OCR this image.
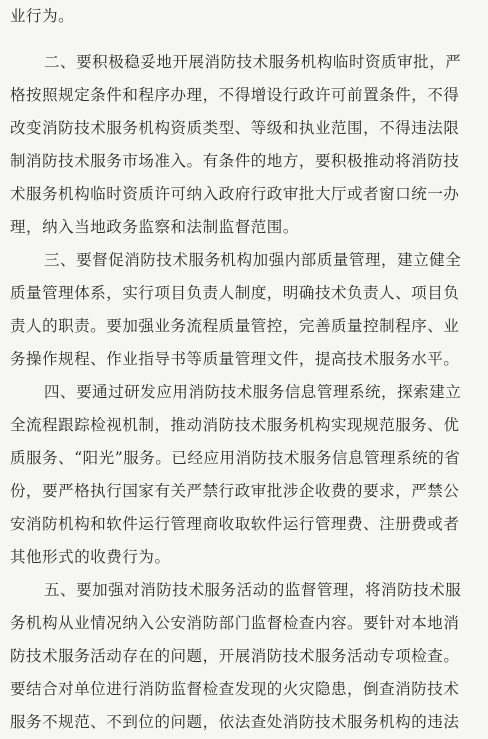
业行为。
二、要积极稳妥地开展消防技术服务机构临时资质审批，严
格按照规定条件和程序办理，不得增设行政许可前置条件，不得
改变消防技术服务机构资质类型、等级和执业范围，不得违法限
制消防技术服务市场准入。有条件的地方，要积极推动将消防技
术服务机构临时资质许可纳入政府行政审批大厅或者窗口统一办
理，纳入当地政务监察和法制监督范围。
三、要督促消防技术服务机构加强内部质量管理，建立健全
质量管理体系，实行项目负责人制度，明确技术负责人、项目负
责人的职责。要加强业务流程质量管控，完善质量控制程序、业
务操作规程、作业指导书等质量管理文件，提高技术服务水平。
四、要通过研发应用消防技术服务信息管理系统，探索建立
全流程跟踪检视机制，推动消防技术服务机构实现规范服务、优
质服务、“阳光”服务。已经应用消防技术服务信息管理系统的省
份，要严格执行国家有关严禁行政审批涉企收费的要求，严禁公
安消防机构和软件运行管理商收取软件运行管理费、注册费或者
其他形式的收费行为。
五、要加强对消防技术服务活动的监督管理，将消防技术服
务机构从业情况纳入公安消防部门监督检查内容。要针对本地消
防技术服务活动存在的问题，开展消防技术服务活动专项检查。
要结合对单位进行消防监督检查发现的火灾隐患，倒查消防技术
服务不规范、不到位的问题，依法查处消防技术服务机构的违法
